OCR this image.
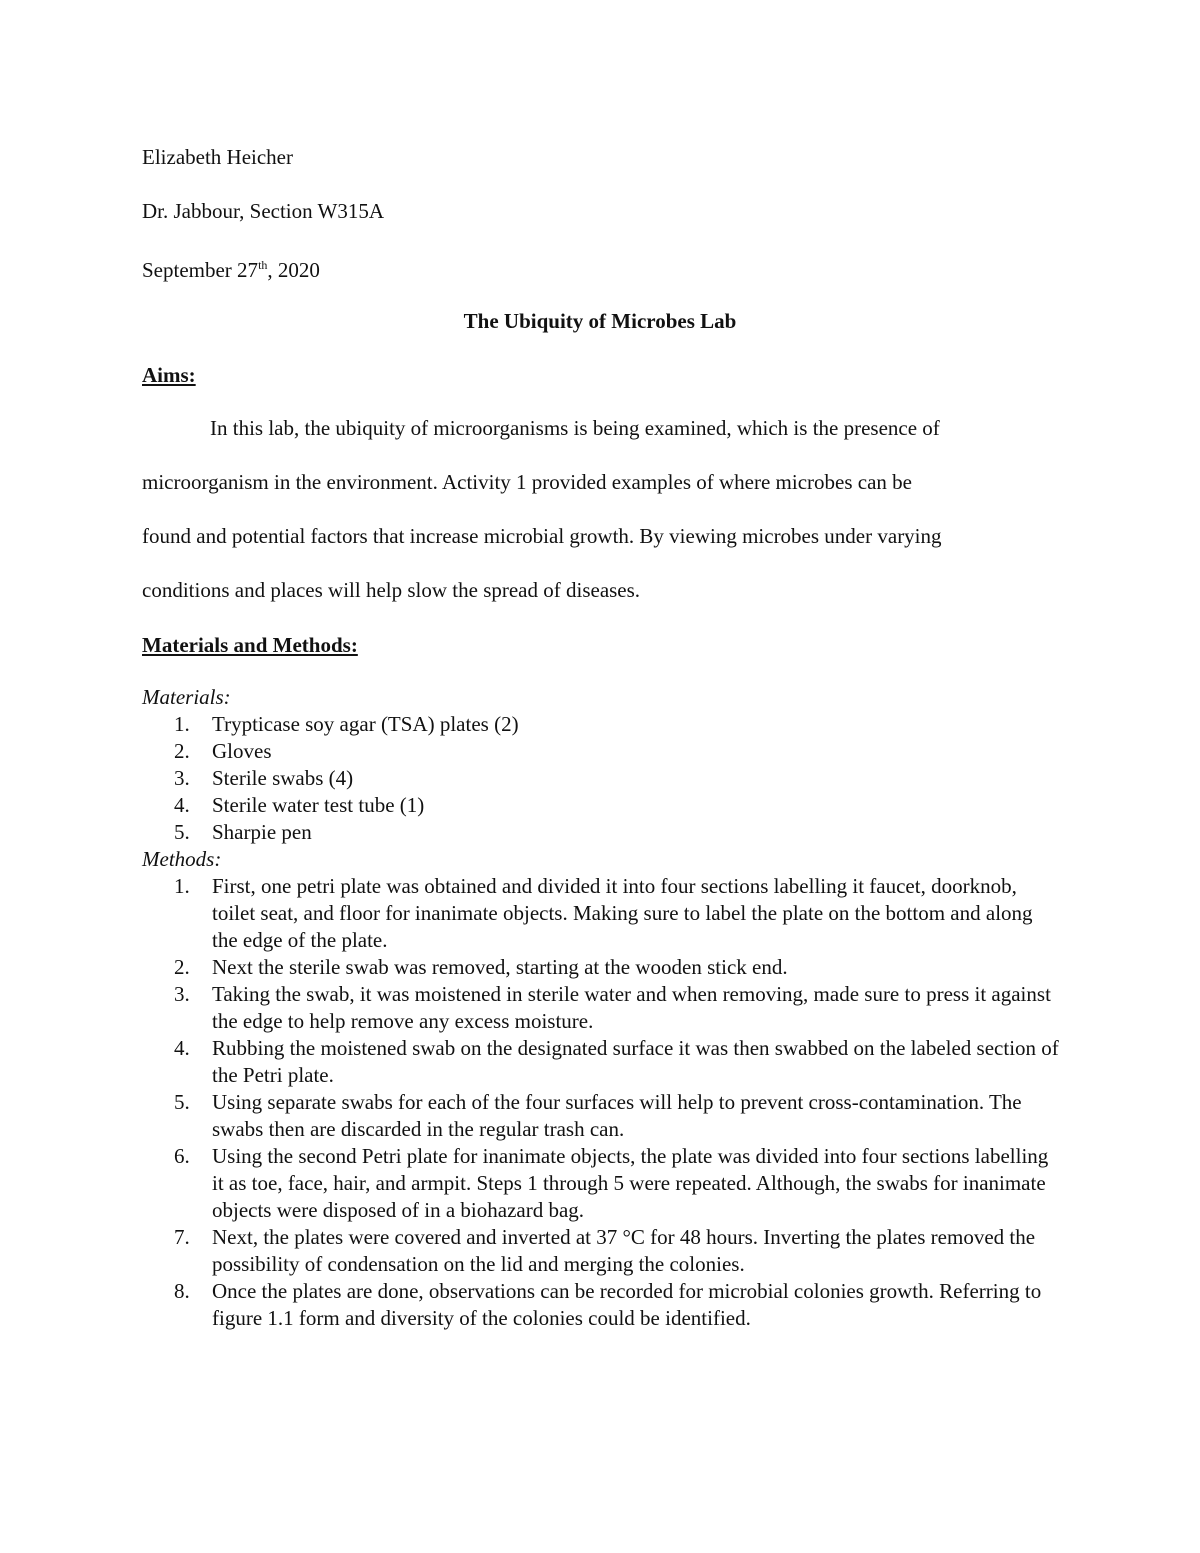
Elizabeth Heicher

Dr. Jabbour, Section W315A

September 27th, 2020

The Ubiquity of Microbes Lab

Aims:

In this lab, the ubiquity of microorganisms is being examined, which is the presence of
microorganism in the environment. Activity 1 provided examples of where microbes can be
found and potential factors that increase microbial growth. By viewing microbes under varying
conditions and places will help slow the spread of diseases.

Materials and Methods:

Materials:

1.	Trypticase soy agar (TSA) plates (2)
2.	Gloves
3.	Sterile swabs (4)
4.	Sterile water test tube (1)
5.	Sharpie pen

Methods:

1.	First, one petri plate was obtained and divided it into four sections labelling it faucet, doorknob, toilet seat, and floor for inanimate objects. Making sure to label the plate on the bottom and along the edge of the plate.
2.	Next the sterile swab was removed, starting at the wooden stick end.
3.	Taking the swab, it was moistened in sterile water and when removing, made sure to press it against the edge to help remove any excess moisture.
4.	Rubbing the moistened swab on the designated surface it was then swabbed on the labeled section of the Petri plate.
5.	Using separate swabs for each of the four surfaces will help to prevent cross-contamination. The swabs then are discarded in the regular trash can.
6.	Using the second Petri plate for inanimate objects, the plate was divided into four sections labelling it as toe, face, hair, and armpit. Steps 1 through 5 were repeated. Although, the swabs for inanimate objects were disposed of in a biohazard bag.
7.	Next, the plates were covered and inverted at 37 °C for 48 hours. Inverting the plates removed the possibility of condensation on the lid and merging the colonies.
8.	Once the plates are done, observations can be recorded for microbial colonies growth. Referring to figure 1.1 form and diversity of the colonies could be identified.
